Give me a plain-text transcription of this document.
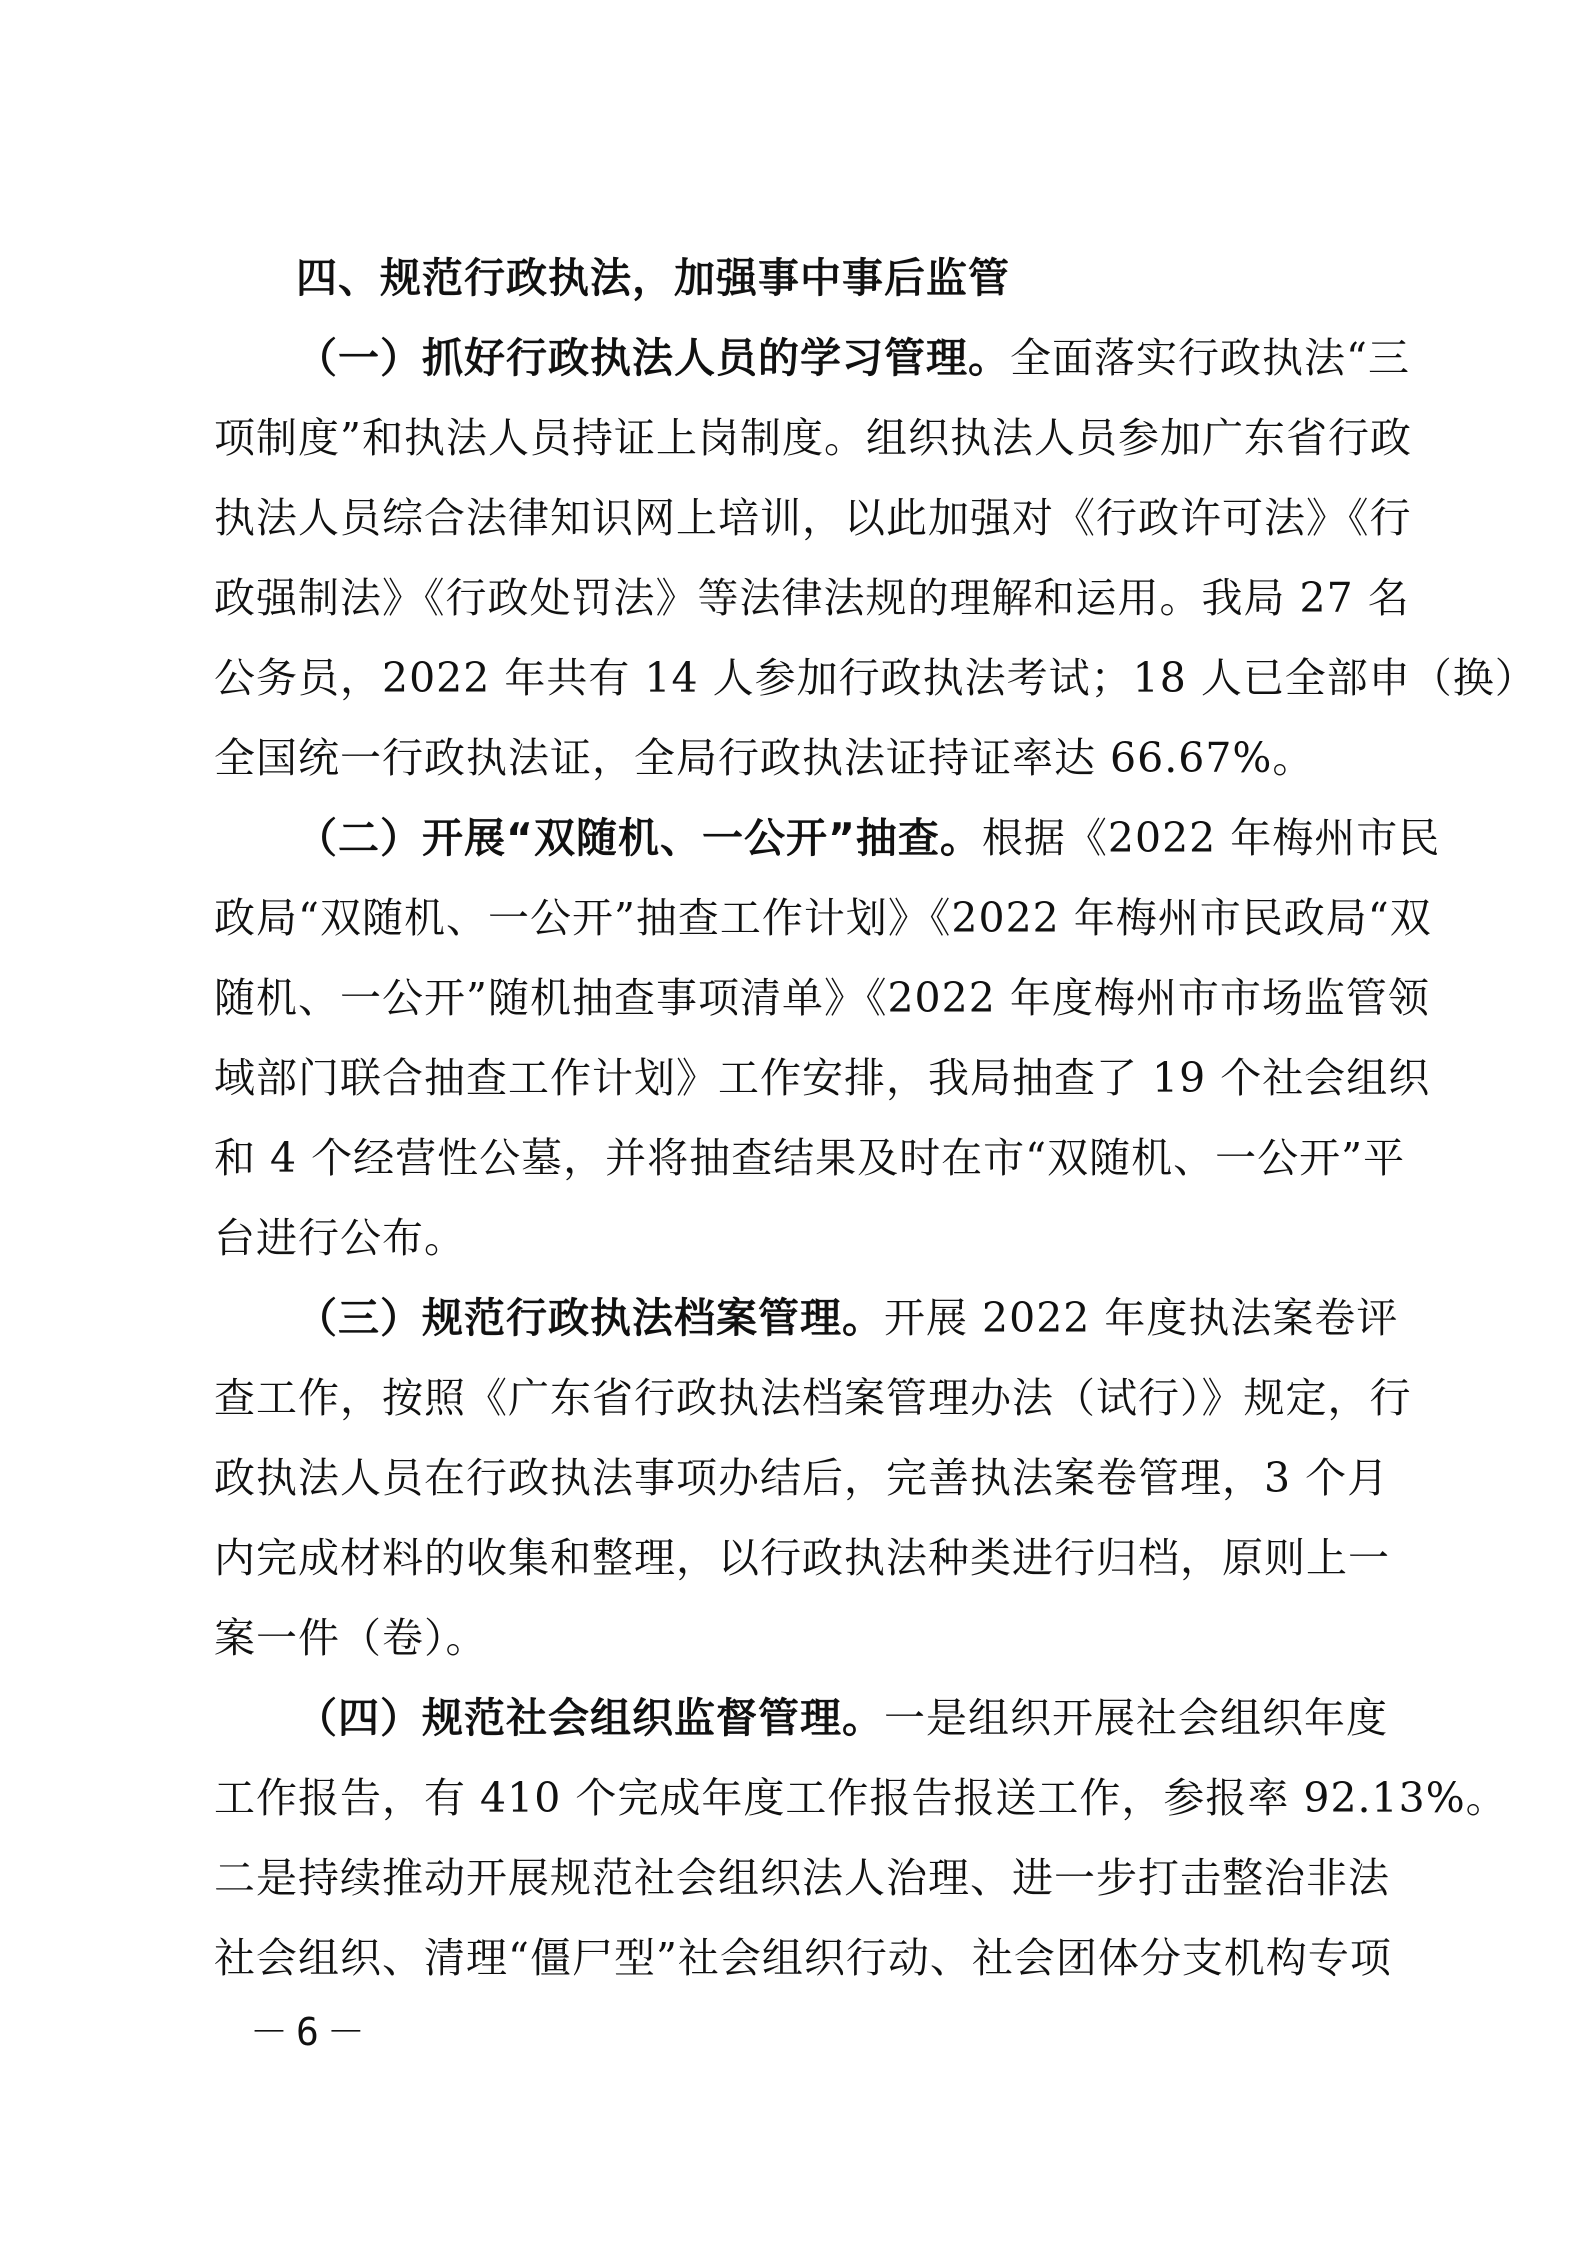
四、规范行政执法，加强事中事后监管

（一）抓好行政执法人员的学习管理。全面落实行政执法“三
项制度”和执法人员持证上岗制度。组织执法人员参加广东省行政
执法人员综合法律知识网上培训，以此加强对《行政许可法》《行
政强制法》《行政处罚法》等法律法规的理解和运用。我局 27 名
公务员，2022 年共有 14 人参加行政执法考试；18 人已全部申（换）
全国统一行政执法证，全局行政执法证持证率达 66.67%。

（二）开展“双随机、一公开”抽查。根据《2022 年梅州市民
政局“双随机、一公开”抽查工作计划》《2022 年梅州市民政局“双
随机、一公开”随机抽查事项清单》《2022 年度梅州市市场监管领
域部门联合抽查工作计划》工作安排，我局抽查了 19 个社会组织
和 4 个经营性公墓，并将抽查结果及时在市“双随机、一公开”平
台进行公布。

（三）规范行政执法档案管理。开展 2022 年度执法案卷评
查工作，按照《广东省行政执法档案管理办法（试行）》规定，行
政执法人员在行政执法事项办结后，完善执法案卷管理，3 个月
内完成材料的收集和整理，以行政执法种类进行归档，原则上一
案一件（卷）。

（四）规范社会组织监督管理。一是组织开展社会组织年度
工作报告，有 410 个完成年度工作报告报送工作，参报率 92.13%。
二是持续推动开展规范社会组织法人治理、进一步打击整治非法
社会组织、清理“僵尸型”社会组织行动、社会团体分支机构专项

－6－
